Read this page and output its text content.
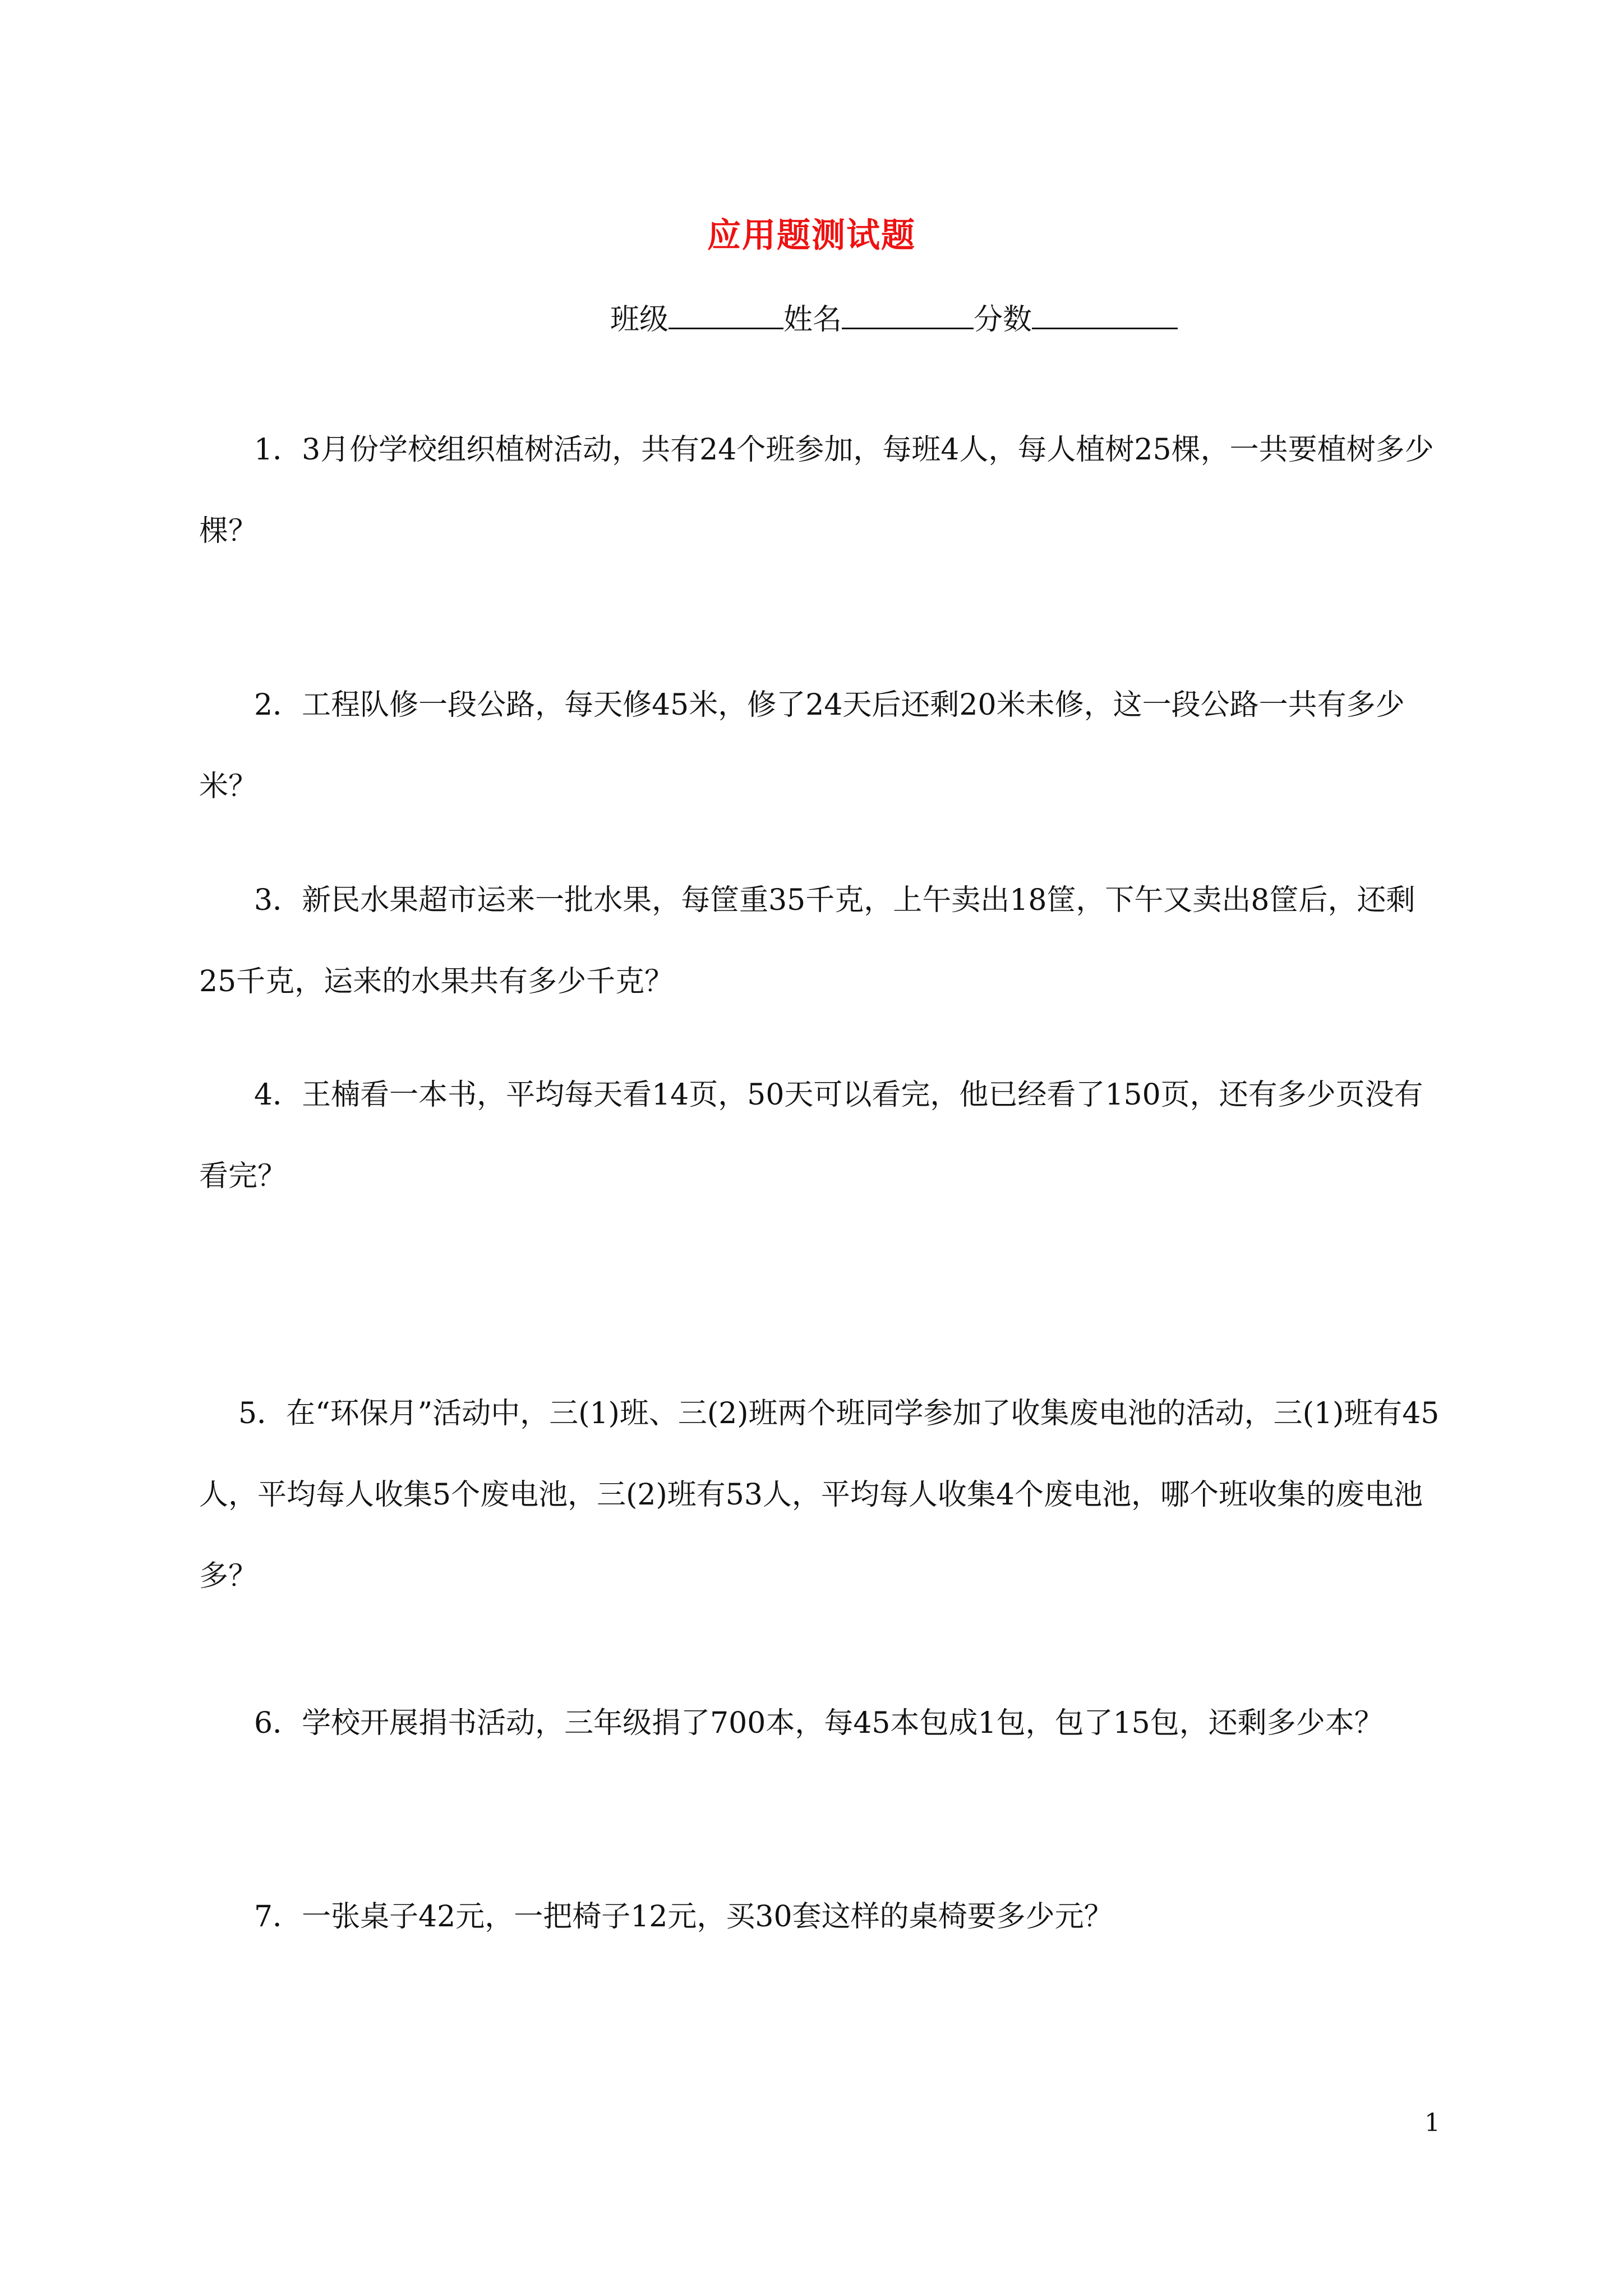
应用题测试题
班级	姓名	分数
1．3月份学校组织植树活动，共有24个班参加，每班4人，每人植树25棵，一共要植树多少棵？
2．工程队修一段公路，每天修45米，修了24天后还剩20米未修，这一段公路一共有多少米？
3．新民水果超市运来一批水果，每筐重35千克，上午卖出18筐，下午又卖出8筐后，还剩25千克，运来的水果共有多少千克？
4．王楠看一本书，平均每天看14页，50天可以看完，他已经看了150页，还有多少页没有看完？
5．在“环保月”活动中，三(1)班、三(2)班两个班同学参加了收集废电池的活动，三(1)班有45人，平均每人收集5个废电池，三(2)班有53人，平均每人收集4个废电池，哪个班收集的废电池多？
6．学校开展捐书活动，三年级捐了700本，每45本包成1包，包了15包，还剩多少本？
7．一张桌子42元，一把椅子12元，买30套这样的桌椅要多少元？
1
